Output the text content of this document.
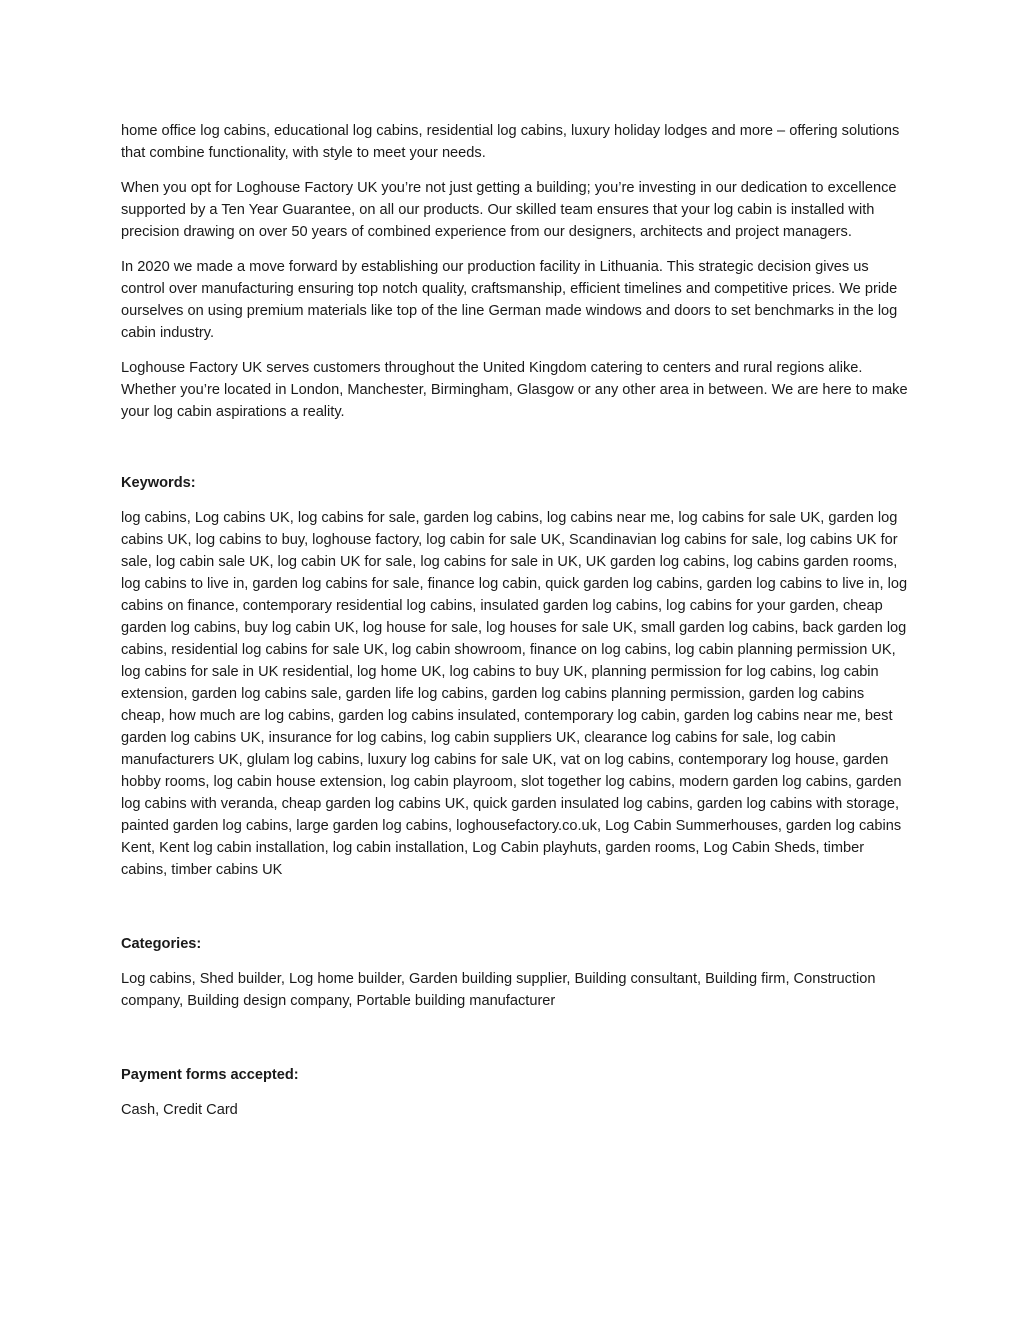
home office log cabins, educational log cabins, residential log cabins, luxury holiday lodges and more – offering solutions that combine functionality, with style to meet your needs.

When you opt for Loghouse Factory UK you’re not just getting a building; you’re investing in our dedication to excellence supported by a Ten Year Guarantee, on all our products. Our skilled team ensures that your log cabin is installed with precision drawing on over 50 years of combined experience from our designers, architects and project managers.

In 2020 we made a move forward by establishing our production facility in Lithuania. This strategic decision gives us control over manufacturing ensuring top notch quality, craftsmanship, efficient timelines and competitive prices. We pride ourselves on using premium materials like top of the line German made windows and doors to set benchmarks in the log cabin industry.

Loghouse Factory UK serves customers throughout the United Kingdom catering to centers and rural regions alike. Whether you’re located in London, Manchester, Birmingham, Glasgow or any other area in between. We are here to make your log cabin aspirations a reality.

Keywords:

log cabins, Log cabins UK, log cabins for sale, garden log cabins, log cabins near me, log cabins for sale UK, garden log cabins UK, log cabins to buy, loghouse factory, log cabin for sale UK, Scandinavian log cabins for sale, log cabins UK for sale, log cabin sale UK, log cabin UK for sale, log cabins for sale in UK, UK garden log cabins, log cabins garden rooms, log cabins to live in, garden log cabins for sale, finance log cabin, quick garden log cabins, garden log cabins to live in, log cabins on finance, contemporary residential log cabins, insulated garden log cabins, log cabins for your garden, cheap garden log cabins, buy log cabin UK, log house for sale, log houses for sale UK, small garden log cabins, back garden log cabins, residential log cabins for sale UK, log cabin showroom, finance on log cabins, log cabin planning permission UK, log cabins for sale in UK residential, log home UK, log cabins to buy UK, planning permission for log cabins, log cabin extension, garden log cabins sale, garden life log cabins, garden log cabins planning permission, garden log cabins cheap, how much are log cabins, garden log cabins insulated, contemporary log cabin, garden log cabins near me, best garden log cabins UK, insurance for log cabins, log cabin suppliers UK, clearance log cabins for sale, log cabin manufacturers UK, glulam log cabins, luxury log cabins for sale UK, vat on log cabins, contemporary log house, garden hobby rooms, log cabin house extension, log cabin playroom, slot together log cabins, modern garden log cabins, garden log cabins with veranda, cheap garden log cabins UK, quick garden insulated log cabins, garden log cabins with storage, painted garden log cabins, large garden log cabins, loghousefactory.co.uk, Log Cabin Summerhouses, garden log cabins Kent, Kent log cabin installation, log cabin installation, Log Cabin playhuts, garden rooms, Log Cabin Sheds, timber cabins, timber cabins UK

Categories:

Log cabins, Shed builder, Log home builder, Garden building supplier, Building consultant, Building firm, Construction company, Building design company, Portable building manufacturer

Payment forms accepted:

Cash, Credit Card
